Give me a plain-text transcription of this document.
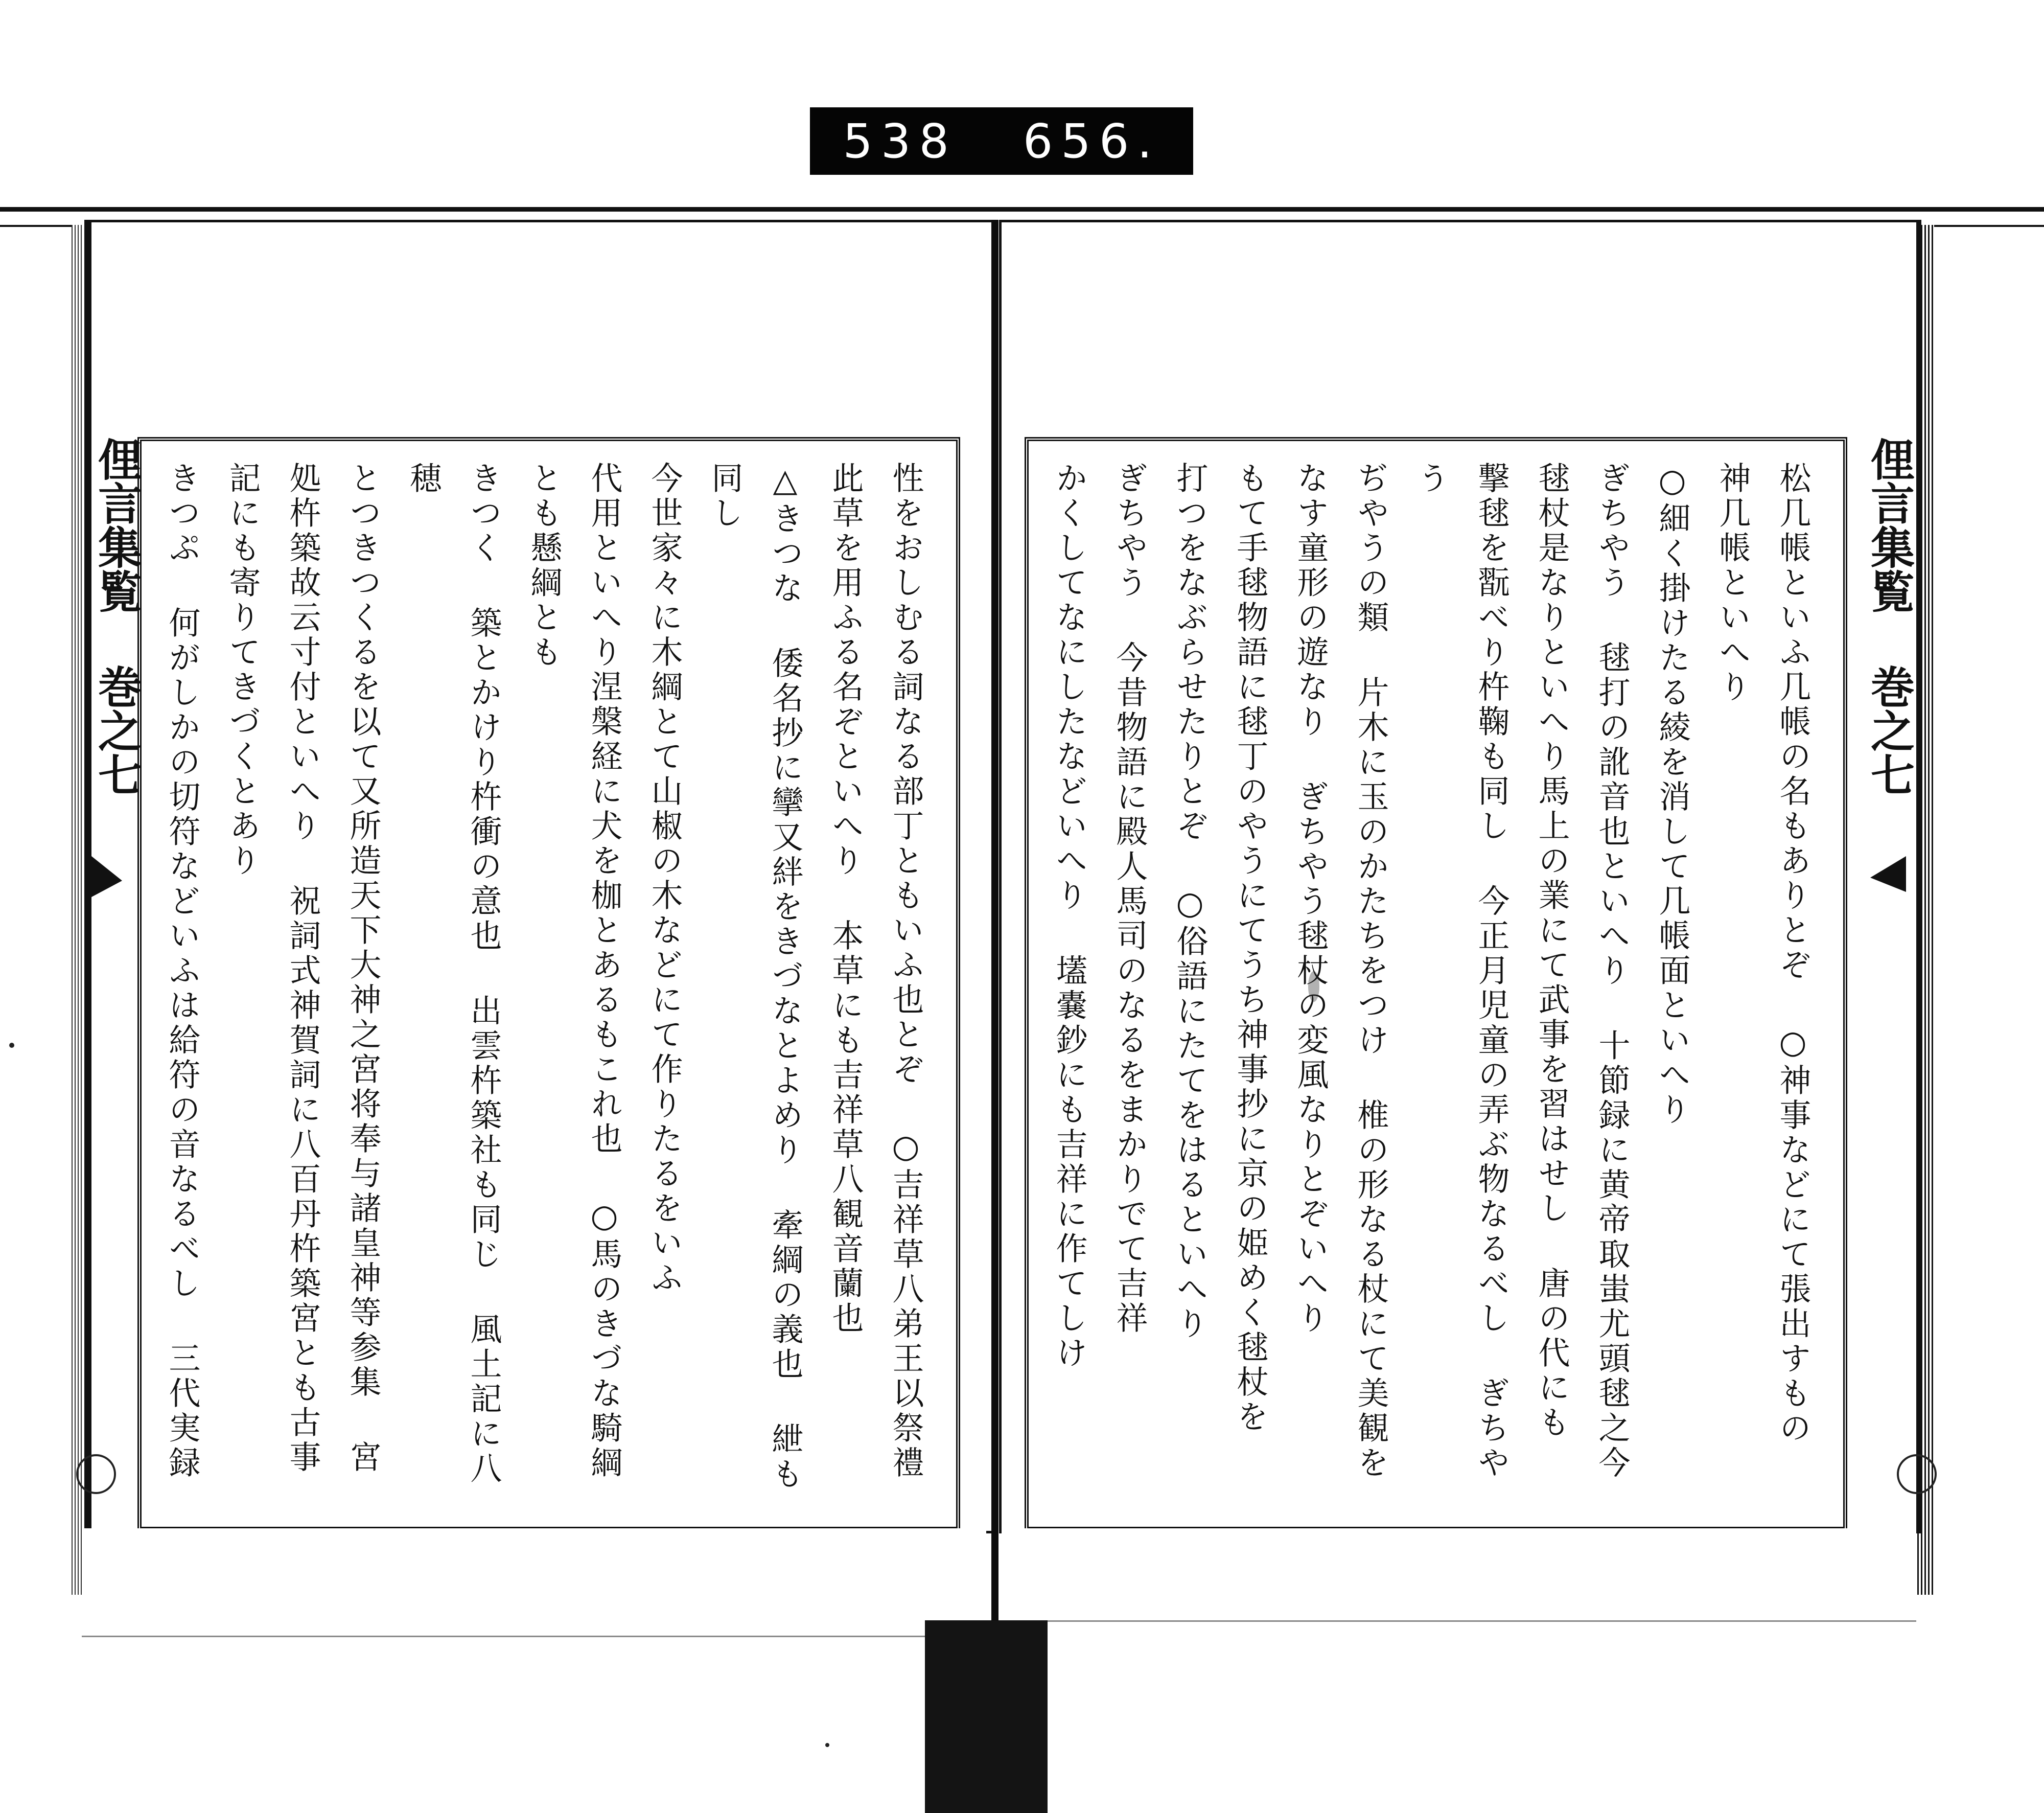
538 656.
俚言集覧 巻之七	性をおしむる詞なる部丁ともいふ也とぞ ○吉祥草八弟王以祭禮
此草を用ふる名ぞといへり 本草にも吉祥草八観音蘭也
△きつな 倭名抄に攣又絆をきづなとよめり 牽綱の義也 紲も同し
今世家々に木綱とて山椒の木などにて作りたるをいふ
代用といへり涅槃経に犬を枷とあるもこれ也 ○馬のきづな騎綱とも懸綱とも
きつく 築とかけり杵衝の意也 出雲杵築社も同じ 風土記に八穂
とつきつくるを以て又所造天下大神之宮将奉与諸皇神等参集 宮
処杵築故云寸付といへり 祝詞式神賀詞に八百丹杵築宮とも古事
記にも寄りてきづくとあり
きつぷ 何がしかの切符などいふは給符の音なるべし 三代実録
俚言集覧 巻之七
松几帳といふ几帳の名もありとぞ ○神事などにて張出すもの 神几帳といへり
○細く掛けたる綾を消して几帳面といへり
ぎちやう 毬打の訛音也といへり 十節録に黄帝取蚩尤頭毬之今
毬杖是なりといへり馬上の業にて武事を習はせし 唐の代にも
撃毬を翫べり杵鞠も同し 今正月児童の弄ぶ物なるべし ぎちやう
ぢやうの類 片木に玉のかたちをつけ 椎の形なる杖にて美観を
なす童形の遊なり ぎちやう毬杖の変風なりとぞいへり
もて手毬物語に毬丁のやうにてうち神事抄に京の姫めく毬杖を
打つをなぶらせたりとぞ ○俗語にたてをはるといへり
ぎちやう 今昔物語に殿人馬司のなるをまかりでて吉祥
かくしてなにしたなどいへり 壒嚢鈔にも吉祥に作てしけ
